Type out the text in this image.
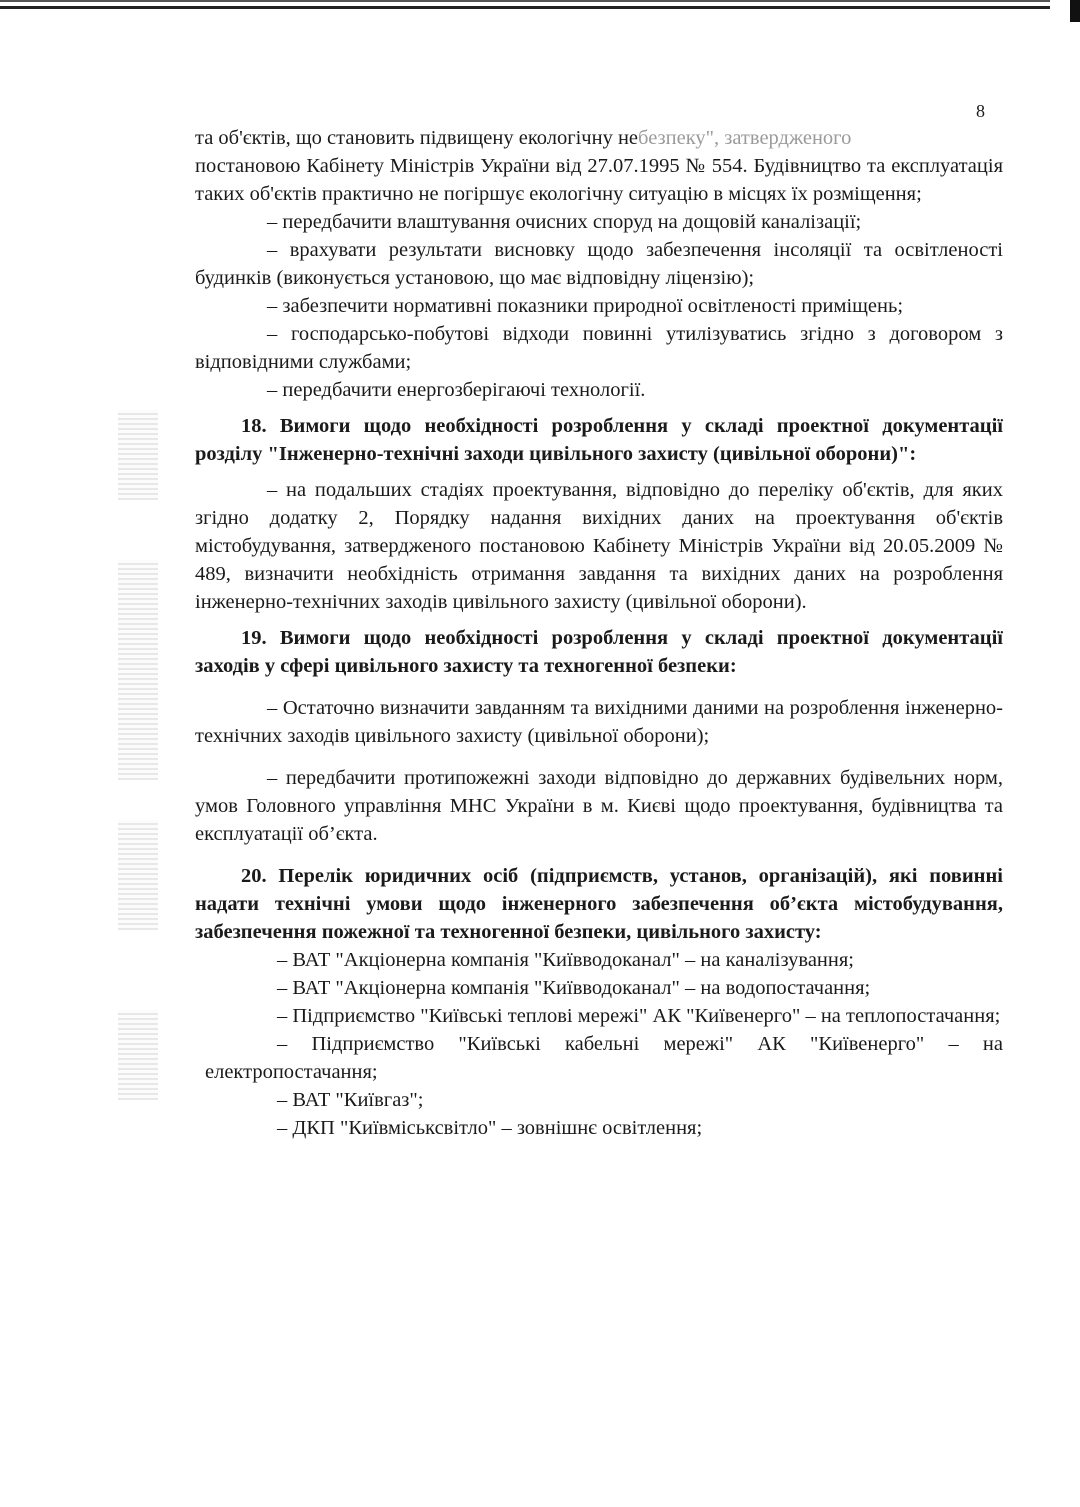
8
та об'єктів, що становить підвищену екологічну небезпеку", затвердженого
постановою Кабінету Міністрів України від 27.07.1995 № 554. Будівництво та експлуатація таких об'єктів практично не погіршує екологічну ситуацію в місцях їх розміщення;
– передбачити влаштування очисних споруд на дощовій каналізації;
– врахувати результати висновку щодо забезпечення інсоляції та освітленості будинків (виконується установою, що має відповідну ліцензію);
– забезпечити нормативні показники природної освітленості приміщень;
– господарсько-побутові відходи повинні утилізуватись згідно з договором з відповідними службами;
– передбачити енергозберігаючі технології.
18. Вимоги щодо необхідності розроблення у складі проектної документації розділу "Інженерно-технічні заходи цивільного захисту (цивільної оборони)":
– на подальших стадіях проектування, відповідно до переліку об'єктів, для яких згідно додатку 2, Порядку надання вихідних даних на проектування об'єктів містобудування, затвердженого постановою Кабінету Міністрів України від 20.05.2009 № 489, визначити необхідність отримання завдання та вихідних даних на розроблення інженерно-технічних заходів цивільного захисту (цивільної оборони).
19. Вимоги щодо необхідності розроблення у складі проектної документації заходів у сфері цивільного захисту та техногенної безпеки:
– Остаточно визначити завданням та вихідними даними на розроблення інженерно-технічних заходів цивільного захисту (цивільної оборони);
– передбачити протипожежні заходи відповідно до державних будівельних норм, умов Головного управління МНС України в м. Києві щодо проектування, будівництва та експлуатації об’єкта.
20. Перелік юридичних осіб (підприємств, установ, організацій), які повинні надати технічні умови щодо інженерного забезпечення об’єкта містобудування, забезпечення пожежної та техногенної безпеки, цивільного захисту:
– ВАТ "Акціонерна компанія "Київводоканал" – на каналізування;
– ВАТ "Акціонерна компанія "Київводоканал" – на водопостачання;
– Підприємство "Київські теплові мережі" АК "Київенерго" – на теплопостачання;
– Підприємство "Київські кабельні мережі" АК "Київенерго" – на електропостачання;
– ВАТ "Київгаз";
– ДКП "Київміськсвітло" – зовнішнє освітлення;
